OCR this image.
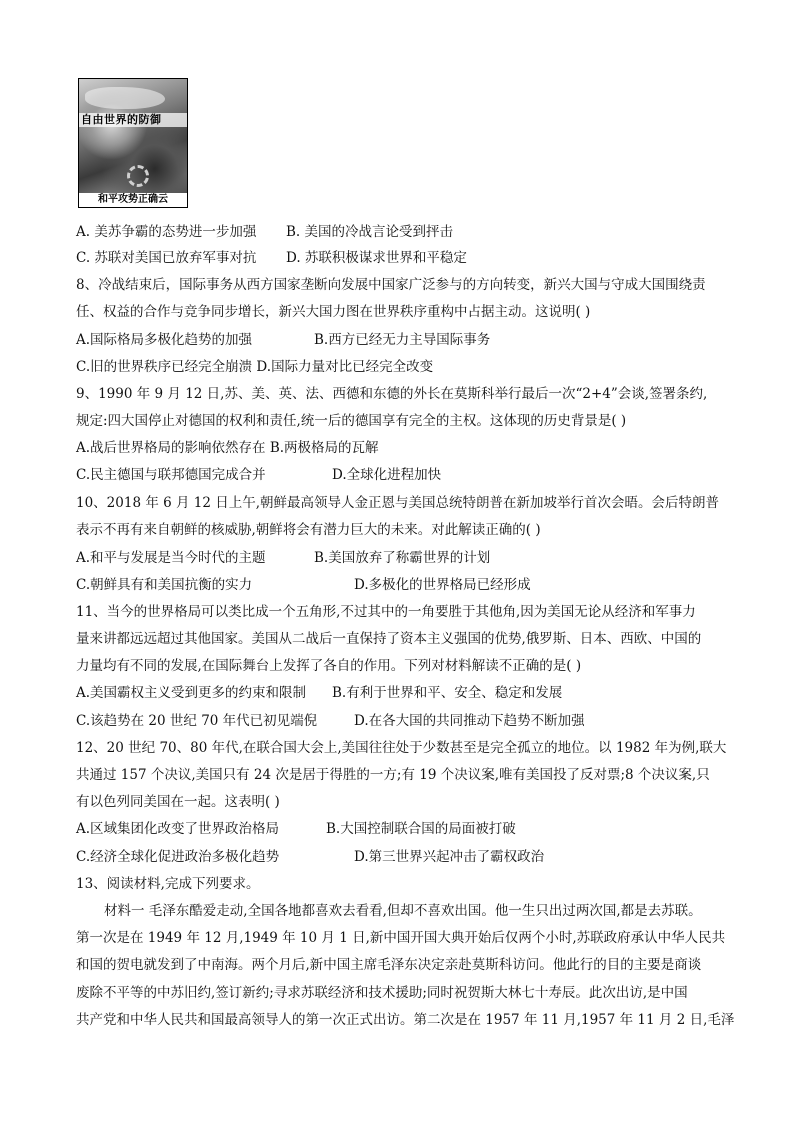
自由世界的防御
和平攻势正确云
A. 美苏争霸的态势进一步加强 B. 美国的冷战言论受到抨击
C. 苏联对美国已放弃军事对抗 D. 苏联积极谋求世界和平稳定
8、冷战结束后，国际事务从西方国家垄断向发展中国家广泛参与的方向转变，新兴大国与守成大国围绕责
任、权益的合作与竞争同步增长，新兴大国力图在世界秩序重构中占据主动。这说明( )
A.国际格局多极化趋势的加强	B.西方已经无力主导国际事务
C.旧的世界秩序已经完全崩溃 D.国际力量对比已经完全改变
9、1990 年 9 月 12 日,苏、美、英、法、西德和东德的外长在莫斯科举行最后一次“2+4”会谈,签署条约,
规定:四大国停止对德国的权利和责任,统一后的德国享有完全的主权。这体现的历史背景是( )
A.战后世界格局的影响依然存在 B.两极格局的瓦解
C.民主德国与联邦德国完成合并	D.全球化进程加快
10、2018 年 6 月 12 日上午,朝鲜最高领导人金正恩与美国总统特朗普在新加坡举行首次会晤。会后特朗普
表示不再有来自朝鲜的核威胁,朝鲜将会有潜力巨大的未来。对此解读正确的( )
A.和平与发展是当今时代的主题	B.美国放弃了称霸世界的计划
C.朝鲜具有和美国抗衡的实力	D.多极化的世界格局已经形成
11、当今的世界格局可以类比成一个五角形,不过其中的一角要胜于其他角,因为美国无论从经济和军事力
量来讲都远远超过其他国家。美国从二战后一直保持了资本主义强国的优势,俄罗斯、日本、西欧、中国的
力量均有不同的发展,在国际舞台上发挥了各自的作用。下列对材料解读不正确的是( )
A.美国霸权主义受到更多的约束和限制 B.有利于世界和平、安全、稳定和发展
C.该趋势在 20 世纪 70 年代已初见端倪	D.在各大国的共同推动下趋势不断加强
12、20 世纪 70、80 年代,在联合国大会上,美国往往处于少数甚至是完全孤立的地位。以 1982 年为例,联大
共通过 157 个决议,美国只有 24 次是居于得胜的一方;有 19 个决议案,唯有美国投了反对票;8 个决议案,只
有以色列同美国在一起。这表明( )
A.区域集团化改变了世界政治格局	B.大国控制联合国的局面被打破
C.经济全球化促进政治多极化趋势	D.第三世界兴起冲击了霸权政治
13、阅读材料,完成下列要求。
材料一 毛泽东酷爱走动,全国各地都喜欢去看看,但却不喜欢出国。他一生只出过两次国,都是去苏联。
第一次是在 1949 年 12 月,1949 年 10 月 1 日,新中国开国大典开始后仅两个小时,苏联政府承认中华人民共
和国的贺电就发到了中南海。两个月后,新中国主席毛泽东决定亲赴莫斯科访问。他此行的目的主要是商谈
废除不平等的中苏旧约,签订新约;寻求苏联经济和技术援助;同时祝贺斯大林七十寿辰。此次出访,是中国
共产党和中华人民共和国最高领导人的第一次正式出访。第二次是在 1957 年 11 月,1957 年 11 月 2 日,毛泽
